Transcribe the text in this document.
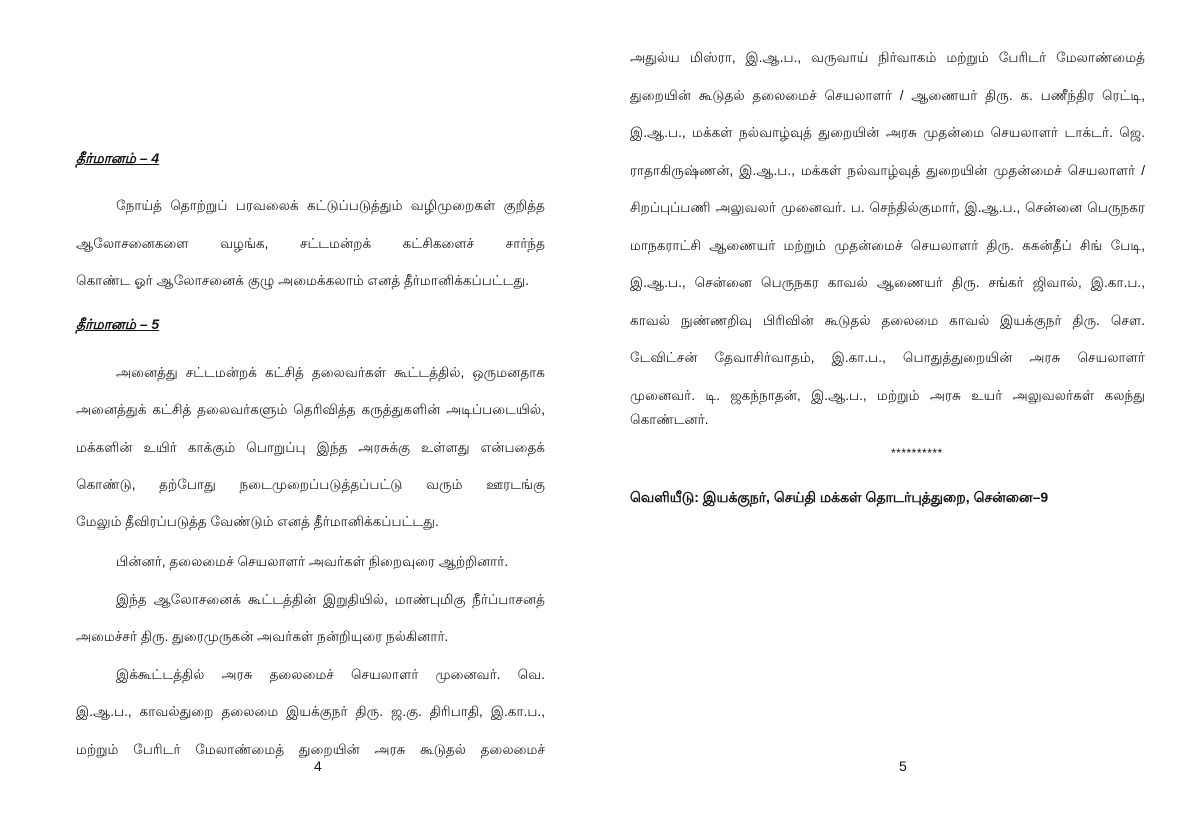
தீர்மானம் – 4
நோய்த் தொற்றுப் பரவலைக் கட்டுப்படுத்தும் வழிமுறைகள் குறித்த
ஆலோசனைகளை வழங்க, சட்டமன்றக் கட்சிகளைச் சார்ந்த
கொண்ட ஓர் ஆலோசனைக் குழு அமைக்கலாம் எனத் தீர்மானிக்கப்பட்டது.
தீர்மானம் – 5
அனைத்து சட்டமன்றக் கட்சித் தலைவர்கள் கூட்டத்தில், ஒருமனதாக
அனைத்துக் கட்சித் தலைவர்களும் தெரிவித்த கருத்துகளின் அடிப்படையில்,
மக்களின் உயிர் காக்கும் பொறுப்பு இந்த அரசுக்கு உள்ளது என்பதைக்
கொண்டு, தற்போது நடைமுறைப்படுத்தப்பட்டு வரும் ஊரடங்கு
மேலும் தீவிரப்படுத்த வேண்டும் எனத் தீர்மானிக்கப்பட்டது.
பின்னர், தலைமைச் செயலாளர் அவர்கள் நிறைவுரை ஆற்றினார்.
இந்த ஆலோசனைக் கூட்டத்தின் இறுதியில், மாண்புமிகு நீர்ப்பாசனத்
அமைச்சர் திரு. துரைமுருகன் அவர்கள் நன்றியுரை நல்கினார்.
இக்கூட்டத்தில் அரசு தலைமைச் செயலாளர் முனைவர். வெ.
இ.ஆ.ப., காவல்துறை தலைமை இயக்குநர் திரு. ஜ.கு. திரிபாதி, இ.கா.ப.,
மற்றும் பேரிடர் மேலாண்மைத் துறையின் அரசு கூடுதல் தலைமைச்
4
அதுல்ய மிஸ்ரா, இ.ஆ.ப., வருவாய் நிர்வாகம் மற்றும் பேரிடர் மேலாண்மைத்
துறையின் கூடுதல் தலைமைச் செயலாளர் / ஆணையர் திரு. க. பணீந்திர ரெட்டி,
இ.ஆ.ப., மக்கள் நல்வாழ்வுத் துறையின் அரசு முதன்மை செயலாளர் டாக்டர். ஜெ.
ராதாகிருஷ்ணன், இ.ஆ.ப., மக்கள் நல்வாழ்வுத் துறையின் முதன்மைச் செயலாளர் /
சிறப்புப்பணி அலுவலர் முனைவர். ப. செந்தில்குமார், இ.ஆ.ப., சென்னை பெருநகர
மாநகராட்சி ஆணையர் மற்றும் முதன்மைச் செயலாளர் திரு. ககன்தீப் சிங் பேடி,
இ.ஆ.ப., சென்னை பெருநகர காவல் ஆணையர் திரு. சங்கர் ஜிவால், இ.கா.ப.,
காவல் நுண்ணறிவு பிரிவின் கூடுதல் தலைமை காவல் இயக்குநர் திரு. சௌ.
டேவிட்சன் தேவாசிர்வாதம், இ.கா.ப., பொதுத்துறையின் அரசு செயலாளர்
முனைவர். டி. ஜகந்நாதன், இ.ஆ.ப., மற்றும் அரசு உயர் அலுவலர்கள் கலந்து
கொண்டனர்.
**********
வெளியீடு: இயக்குநர், செய்தி மக்கள் தொடர்புத்துறை, சென்னை–9
5
